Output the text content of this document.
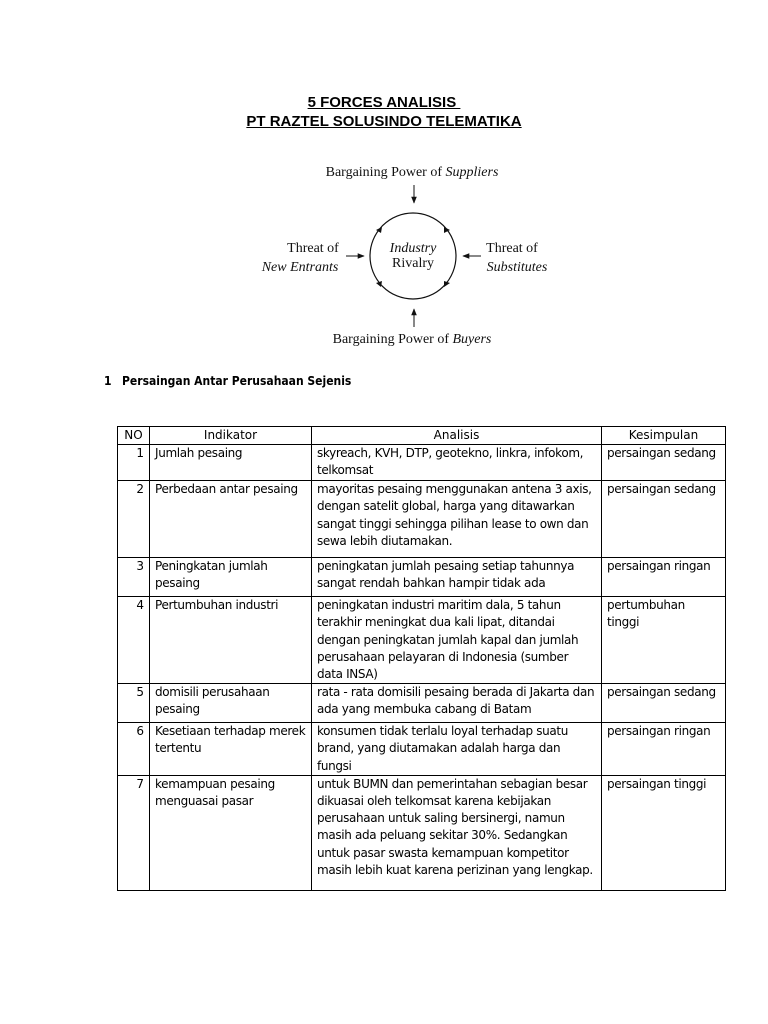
5 FORCES ANALISIS
PT RAZTEL SOLUSINDO TELEMATIKA
Bargaining Power of Suppliers
Threat of
New Entrants
Threat of
Substitutes
Industry
Rivalry
Bargaining Power of Buyers
1 Persaingan Antar Perusahaan Sejenis
NO	Indikator	Analisis	Kesimpulan
1	Jumlah pesaing	skyreach, KVH, DTP, geotekno, linkra, infokom, telkomsat	persaingan sedang
2	Perbedaan antar pesaing	mayoritas pesaing menggunakan antena 3 axis, dengan satelit global, harga yang ditawarkan sangat tinggi sehingga pilihan lease to own dan sewa lebih diutamakan.	persaingan sedang
3	Peningkatan jumlah pesaing	peningkatan jumlah pesaing setiap tahunnya sangat rendah bahkan hampir tidak ada	persaingan ringan
4	Pertumbuhan industri	peningkatan industri maritim dala, 5 tahun terakhir meningkat dua kali lipat, ditandai dengan peningkatan jumlah kapal dan jumlah perusahaan pelayaran di Indonesia (sumber data INSA)	pertumbuhan tinggi
5	domisili perusahaan pesaing	rata - rata domisili pesaing berada di Jakarta dan ada yang membuka cabang di Batam	persaingan sedang
6	Kesetiaan terhadap merek tertentu	konsumen tidak terlalu loyal terhadap suatu brand, yang diutamakan adalah harga dan fungsi	persaingan ringan
7	kemampuan pesaing menguasai pasar	untuk BUMN dan pemerintahan sebagian besar dikuasai oleh telkomsat karena kebijakan perusahaan untuk saling bersinergi, namun masih ada peluang sekitar 30%. Sedangkan untuk pasar swasta kemampuan kompetitor masih lebih kuat karena perizinan yang lengkap.	persaingan tinggi
